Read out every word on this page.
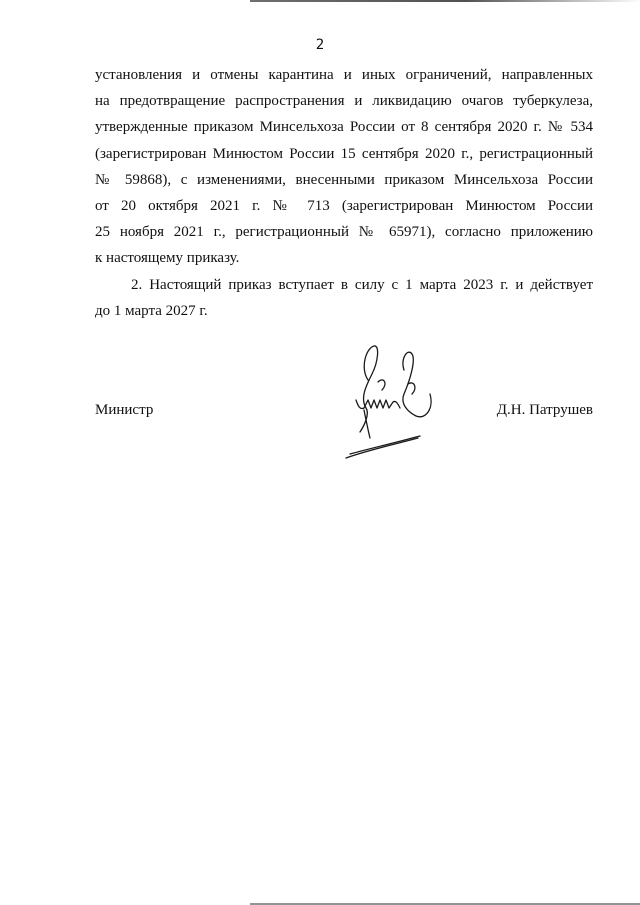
2
установления и отмены карантина и иных ограничений, направленных
на предотвращение распространения и ликвидацию очагов туберкулеза,
утвержденные приказом Минсельхоза России от 8 сентября 2020 г. № 534
(зарегистрирован Минюстом России 15 сентября 2020 г., регистрационный
№ 59868), с изменениями, внесенными приказом Минсельхоза России
от 20 октября 2021 г. № 713 (зарегистрирован Минюстом России
25 ноября 2021 г., регистрационный № 65971), согласно приложению
к настоящему приказу.
2. Настоящий приказ вступает в силу с 1 марта 2023 г. и действует
до 1 марта 2027 г.
Министр	Д.Н. Патрушев
